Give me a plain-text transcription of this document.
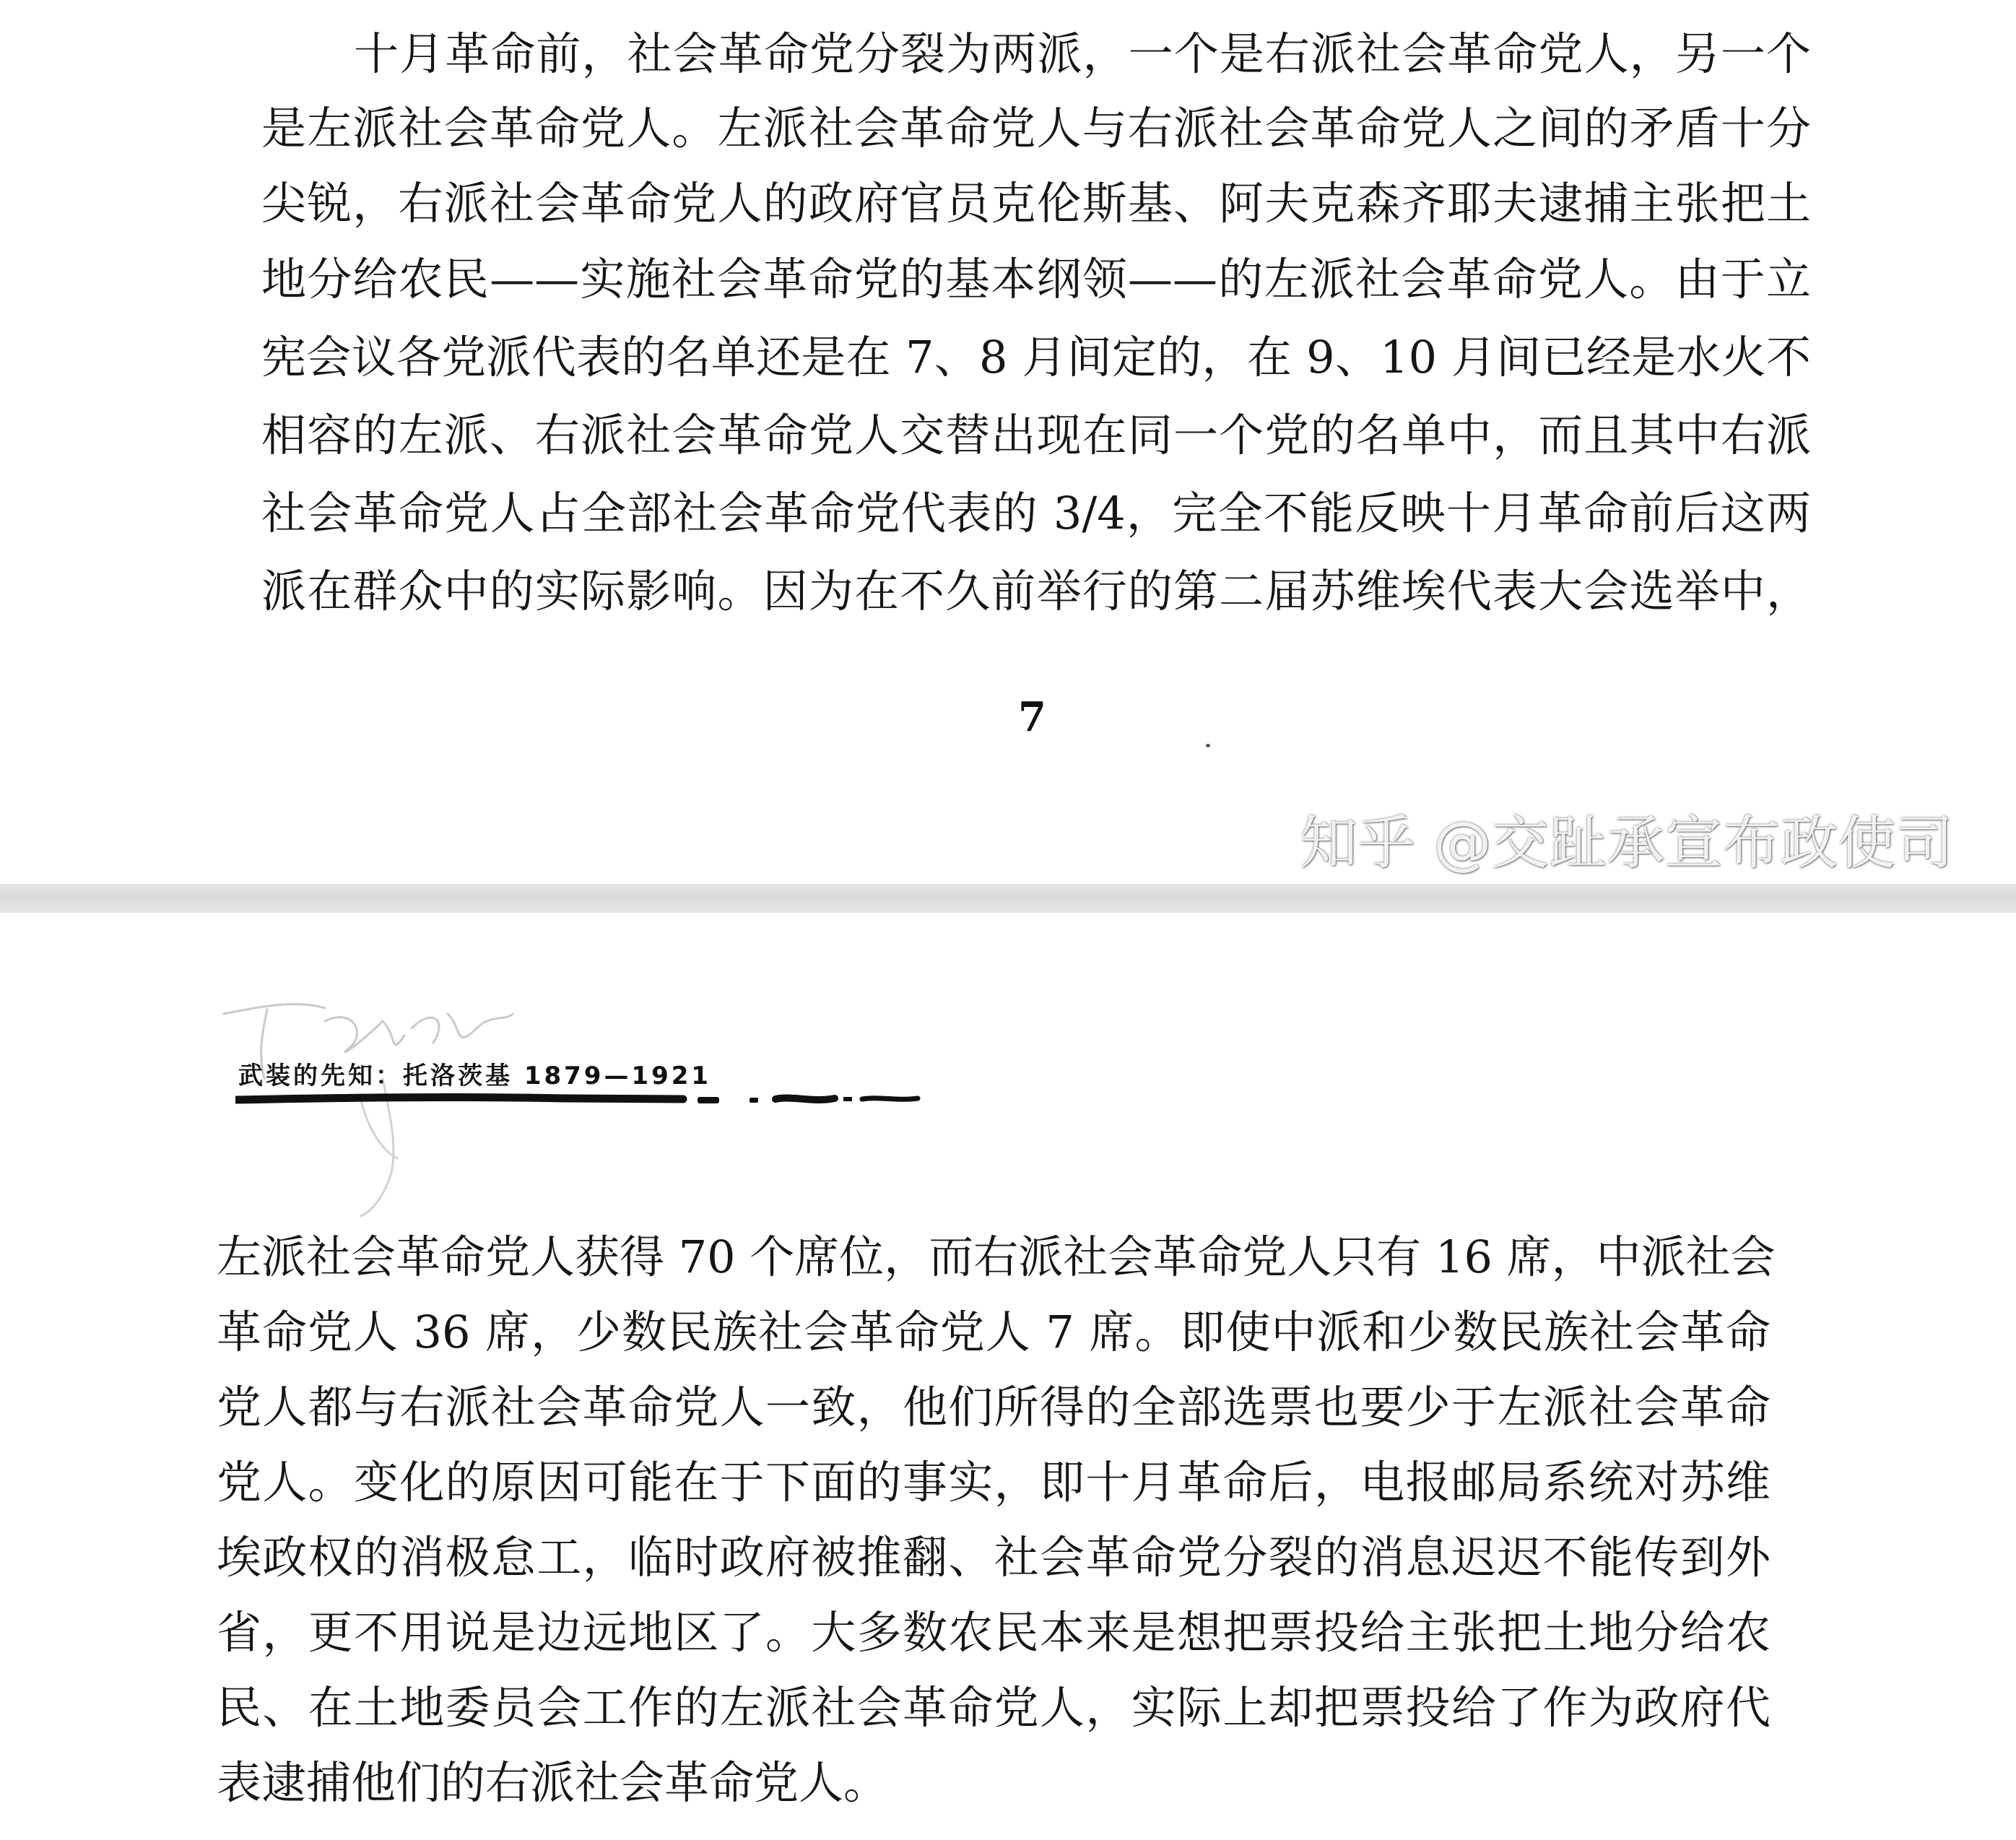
十月革命前，社会革命党分裂为两派，一个是右派社会革命党人，另一个

是左派社会革命党人。左派社会革命党人与右派社会革命党人之间的矛盾十分

尖锐，右派社会革命党人的政府官员克伦斯基、阿夫克森齐耶夫逮捕主张把土

地分给农民——实施社会革命党的基本纲领——的左派社会革命党人。由于立

宪会议各党派代表的名单还是在 7、8 月间定的，在 9、10 月间已经是水火不

相容的左派、右派社会革命党人交替出现在同一个党的名单中，而且其中右派

社会革命党人占全部社会革命党代表的 3/4，完全不能反映十月革命前后这两

派在群众中的实际影响。因为在不久前举行的第二届苏维埃代表大会选举中，

7
武装的先知：托洛茨基 1879—1921

左派社会革命党人获得 70 个席位，而右派社会革命党人只有 16 席，中派社会

革命党人 36 席，少数民族社会革命党人 7 席。即使中派和少数民族社会革命

党人都与右派社会革命党人一致，他们所得的全部选票也要少于左派社会革命

党人。变化的原因可能在于下面的事实，即十月革命后，电报邮局系统对苏维

埃政权的消极怠工，临时政府被推翻、社会革命党分裂的消息迟迟不能传到外

省，更不用说是边远地区了。大多数农民本来是想把票投给主张把土地分给农

民、在土地委员会工作的左派社会革命党人，实际上却把票投给了作为政府代

表逮捕他们的右派社会革命党人。

知乎 @交趾承宣布政使司
